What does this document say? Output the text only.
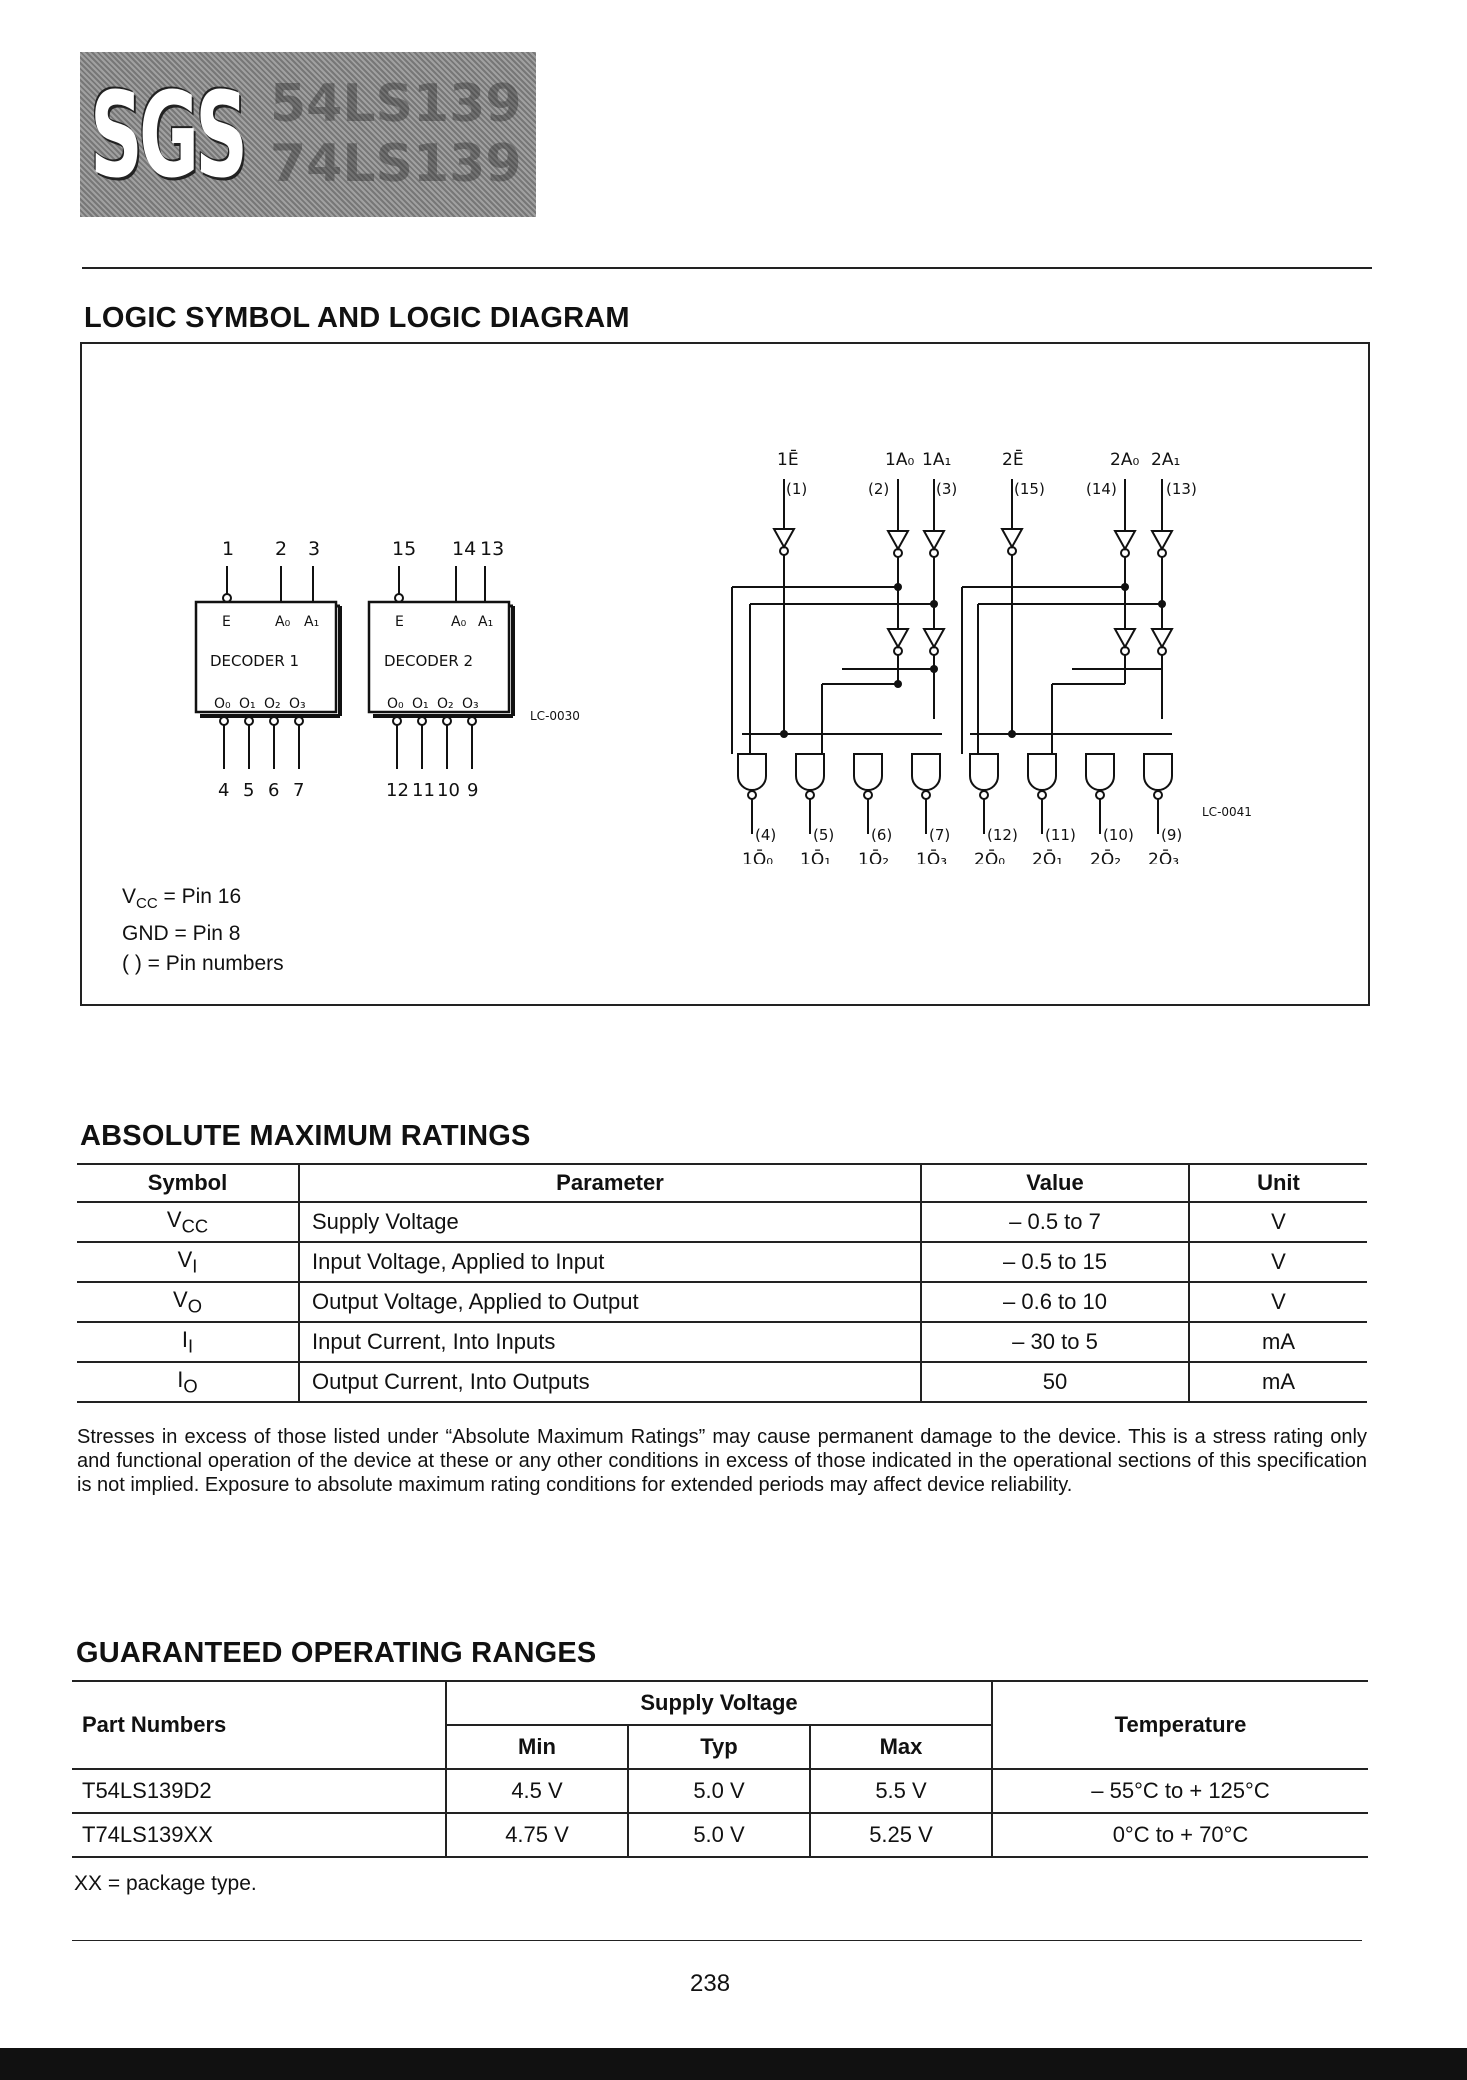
54LS139
74LS139
SGS
LOGIC SYMBOL AND LOGIC DIAGRAM
1 2 3
E	A₀ A₁
DECODER 1
O₀ O₁ O₂ O₃
4 5 6 7
15 14 13
E	A₀ A₁
DECODER 2
O₀ O₁ O₂ O₃
12 11 10 9
LC-0030
1Ē
(1)
1A₀
(2)
1A₁
(3)
2Ē
(15)
2A₀
(14)
2A₁
(13)
(4) (5) (6) (7) (12) (11) (10) (9)
1Ō₀ 1Ō₁ 1Ō₂ 1Ō₃ 2Ō₀ 2Ō₁ 2Ō₂ 2Ō₃
LC-0041
$V_{CC}$ = Pin 16
GND = Pin 8
( ) = Pin numbers
ABSOLUTE MAXIMUM RATINGS
Symbol	Parameter	Value	Unit
$V_{CC}$	Supply Voltage	– 0.5 to 7	V
$V_I$	Input Voltage, Applied to Input	– 0.5 to 15	V
$V_O$	Output Voltage, Applied to Output	– 0.6 to 10	V
$I_I$	Input Current, Into Inputs	– 30 to 5	mA
$I_O$	Output Current, Into Outputs	50	mA
Stresses in excess of those listed under “Absolute Maximum Ratings” may cause permanent damage to the device. This is a stress rating only and functional operation of the device at these or any other conditions in excess of those indicated in the operational sections of this specification is not implied. Exposure to absolute maximum rating conditions for extended periods may affect device reliability.
GUARANTEED OPERATING RANGES
Part Numbers	Supply Voltage			Temperature
	Min	Typ	Max	
T54LS139D2	4.5 V	5.0 V	5.5 V	– 55°C to + 125°C
T74LS139XX	4.75 V	5.0 V	5.25 V	0°C to + 70°C
XX = package type.
238
